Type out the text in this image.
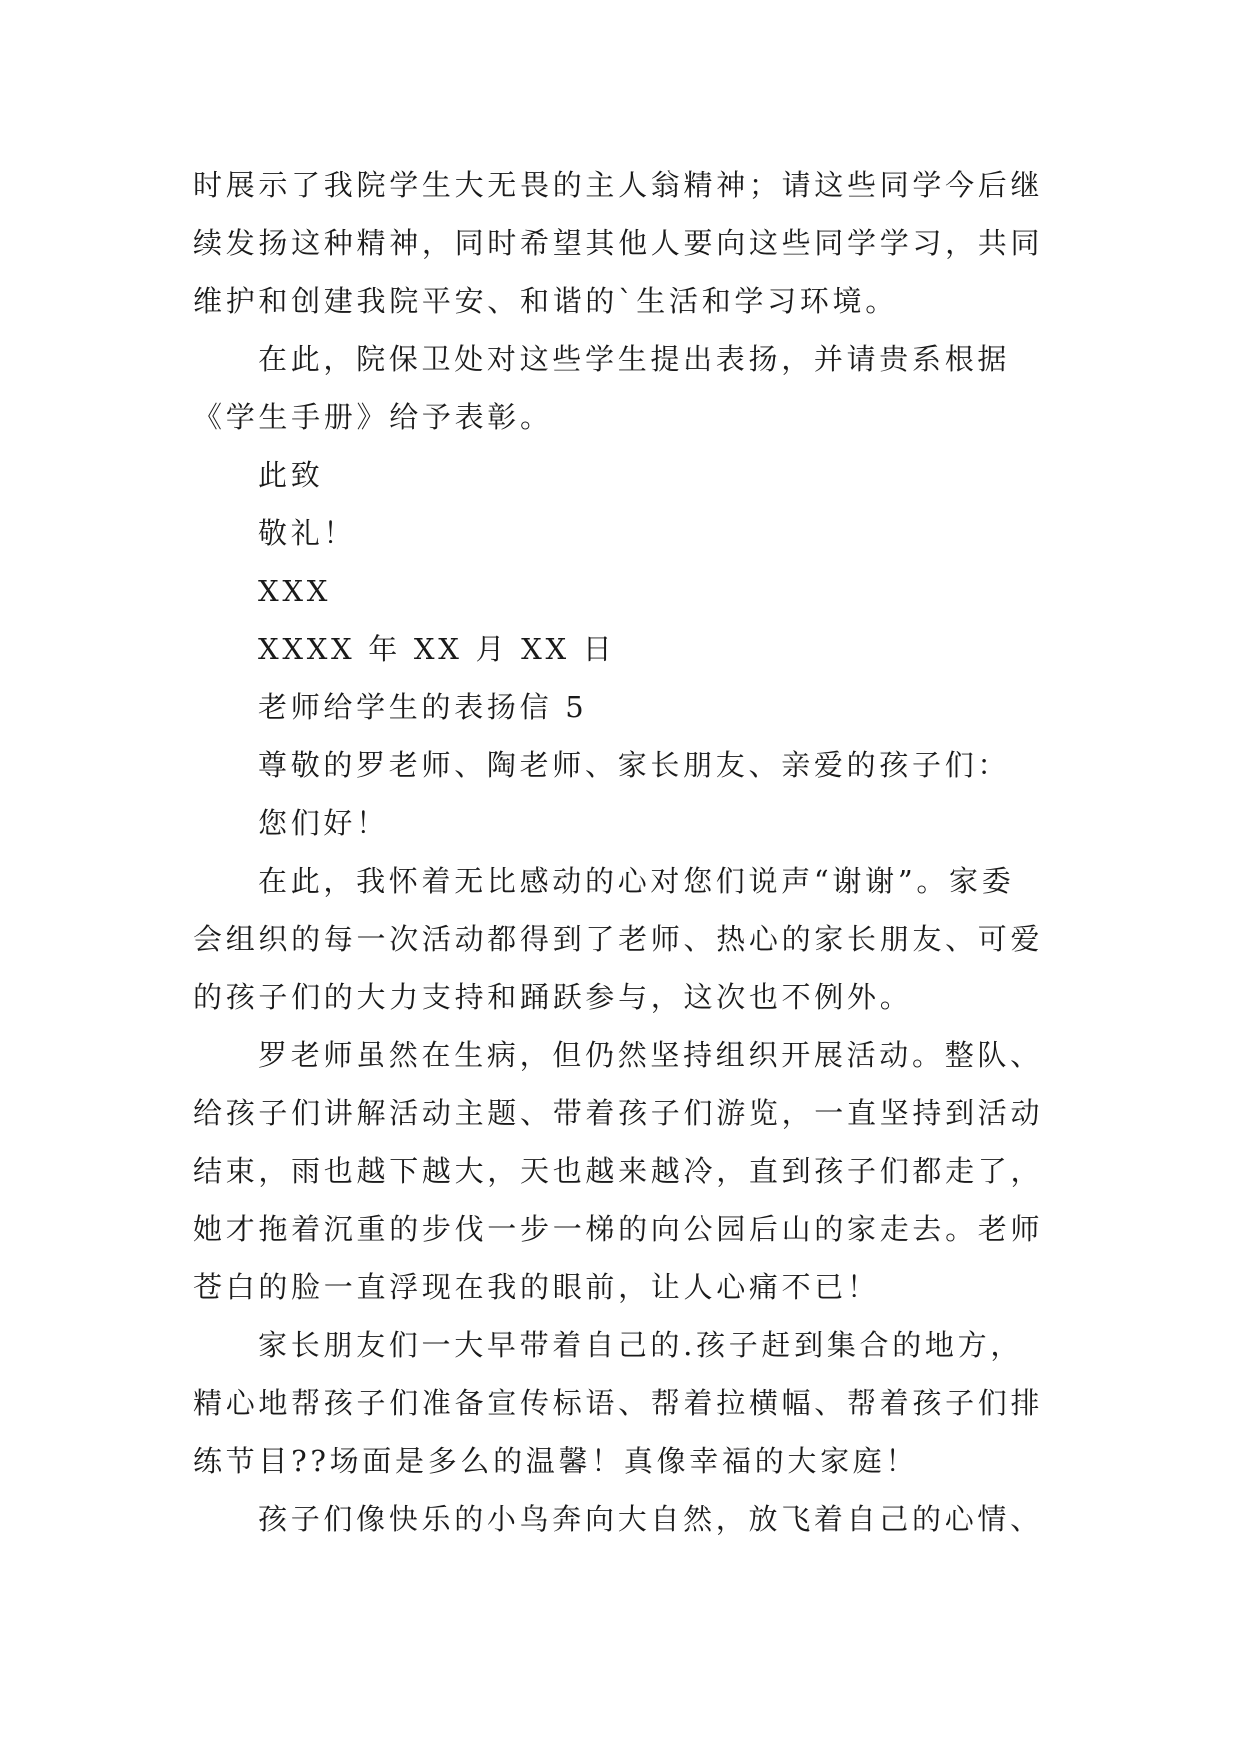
时展示了我院学生大无畏的主人翁精神；请这些同学今后继
续发扬这种精神，同时希望其他人要向这些同学学习，共同
维护和创建我院平安、和谐的`生活和学习环境。
在此，院保卫处对这些学生提出表扬，并请贵系根据
《学生手册》给予表彰。
此致
敬礼！
XXX
XXXX 年 XX 月 XX 日
老师给学生的表扬信 5
尊敬的罗老师、陶老师、家长朋友、亲爱的孩子们：
您们好！
在此，我怀着无比感动的心对您们说声“谢谢”。家委
会组织的每一次活动都得到了老师、热心的家长朋友、可爱
的孩子们的大力支持和踊跃参与，这次也不例外。
罗老师虽然在生病，但仍然坚持组织开展活动。整队、
给孩子们讲解活动主题、带着孩子们游览，一直坚持到活动
结束，雨也越下越大，天也越来越冷，直到孩子们都走了，
她才拖着沉重的步伐一步一梯的向公园后山的家走去。老师
苍白的脸一直浮现在我的眼前，让人心痛不已！
家长朋友们一大早带着自己的.孩子赶到集合的地方，
精心地帮孩子们准备宣传标语、帮着拉横幅、帮着孩子们排
练节目??场面是多么的温馨！真像幸福的大家庭！
孩子们像快乐的小鸟奔向大自然，放飞着自己的心情、
